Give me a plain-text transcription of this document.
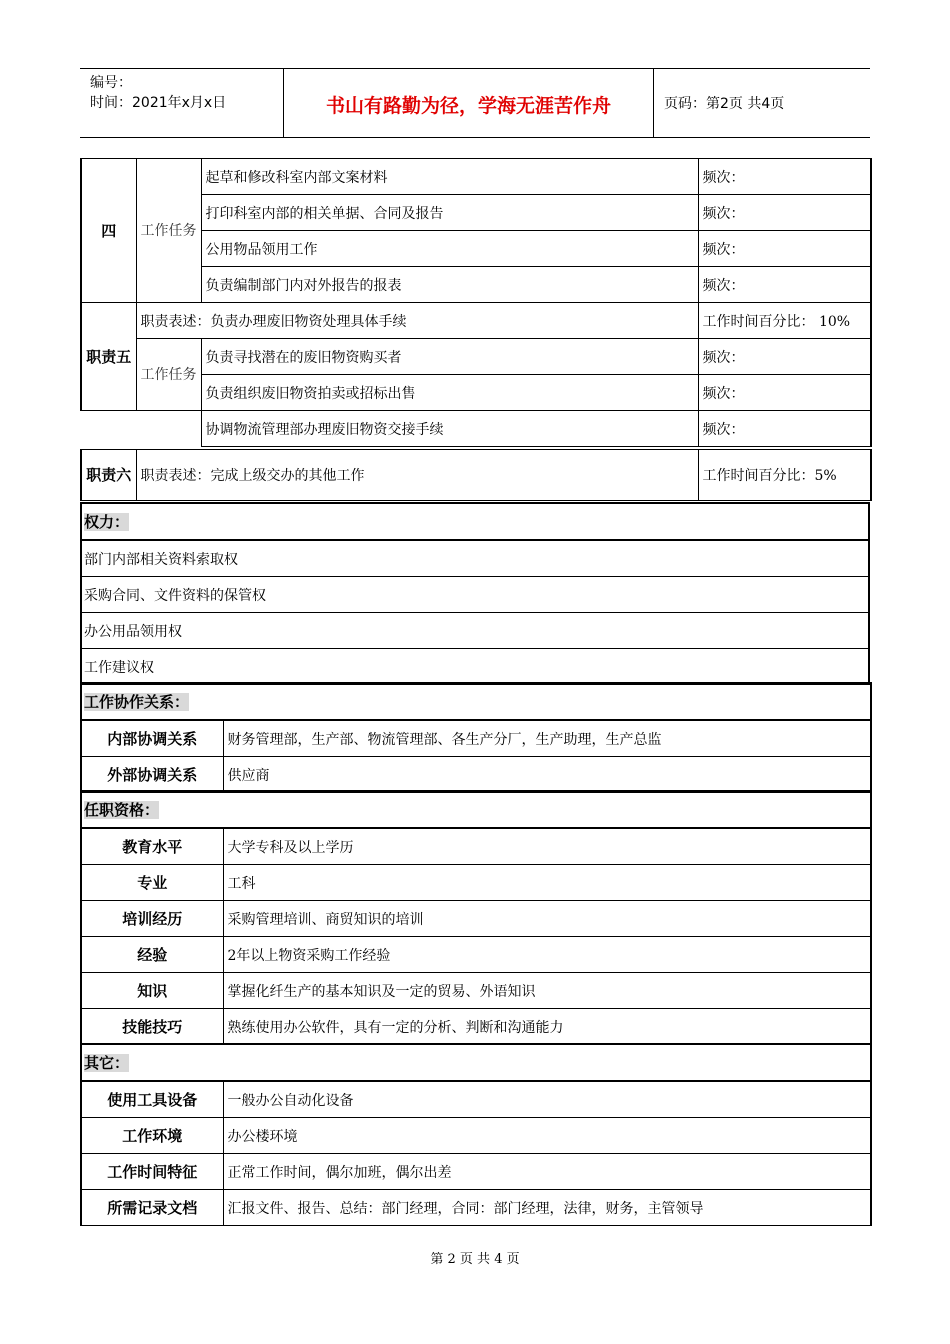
编号：
时间：2021年x月x日	书山有路勤为径，学海无涯苦作舟	页码：第2页 共4页
四	工作任务	起草和修改科室内部文案材料	频次：
		打印科室内部的相关单据、合同及报告	频次：
		公用物品领用工作	频次：
		负责编制部门内对外报告的报表	频次：
职责五	职责表述：负责办理废旧物资处理具体手续		工作时间百分比： 10%
	工作任务	负责寻找潜在的废旧物资购买者	频次：
		负责组织废旧物资拍卖或招标出售	频次：
		协调物流管理部办理废旧物资交接手续	频次：
职责六	职责表述：完成上级交办的其他工作	工作时间百分比：5%
权力：
部门内部相关资料索取权
采购合同、文件资料的保管权
办公用品领用权
工作建议权
工作协作关系：	
内部协调关系	财务管理部，生产部、物流管理部、各生产分厂，生产助理，生产总监
外部协调关系	供应商
任职资格：	
教育水平	大学专科及以上学历
专业	工科
培训经历	采购管理培训、商贸知识的培训
经验	2年以上物资采购工作经验
知识	掌握化纤生产的基本知识及一定的贸易、外语知识
技能技巧	熟练使用办公软件，具有一定的分析、判断和沟通能力
其它：	
使用工具设备	一般办公自动化设备
工作环境	办公楼环境
工作时间特征	正常工作时间，偶尔加班，偶尔出差
所需记录文档	汇报文件、报告、总结：部门经理，合同：部门经理，法律，财务，主管领导
第 2 页 共 4 页
